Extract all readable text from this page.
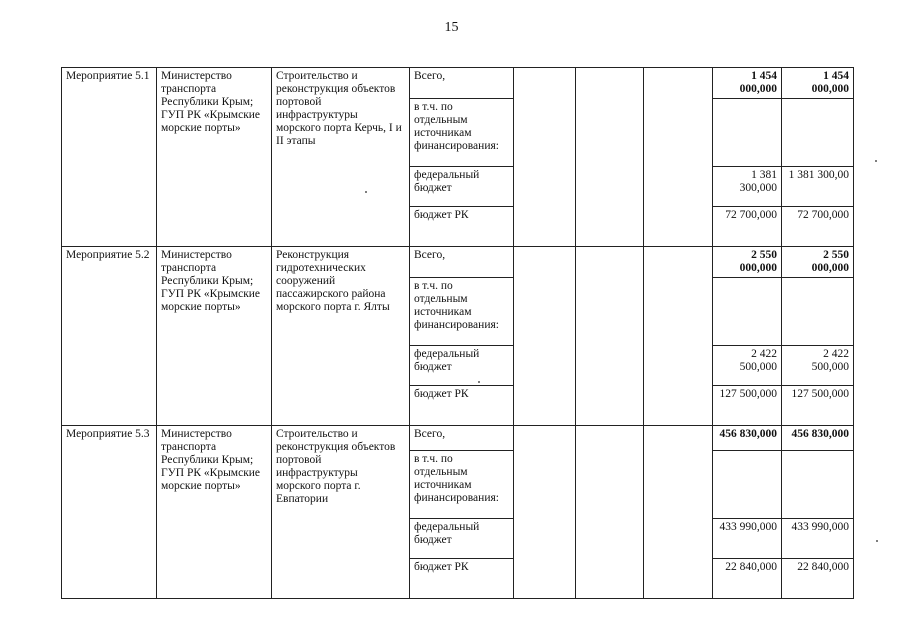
15
Мероприятие 5.1	Министерство транспорта Республики Крым; ГУП РК «Крымские морские порты»	Строительство и реконструкция объектов портовой инфраструктуры морского порта Керчь, I и II этапы	Всего,				1 454 000,000	1 454 000,000
			в т.ч. по отдельным источникам финансирования:					
			федеральный бюджет				1 381 300,000	1 381 300,00
			бюджет РК				72 700,000	72 700,000
Мероприятие 5.2	Министерство транспорта Республики Крым; ГУП РК «Крымские морские порты»	Реконструкция гидротехнических сооружений пассажирского района морского порта г. Ялты	Всего,				2 550 000,000	2 550 000,000
			в т.ч. по отдельным источникам финансирования:					
			федеральный бюджет				2 422 500,000	2 422 500,000
			бюджет РК				127 500,000	127 500,000
Мероприятие 5.3	Министерство транспорта Республики Крым; ГУП РК «Крымские морские порты»	Строительство и реконструкция объектов портовой инфраструктуры морского порта г. Евпатории	Всего,				456 830,000	456 830,000
			в т.ч. по отдельным источникам финансирования:					
			федеральный бюджет				433 990,000	433 990,000
			бюджет РК				22 840,000	22 840,000
